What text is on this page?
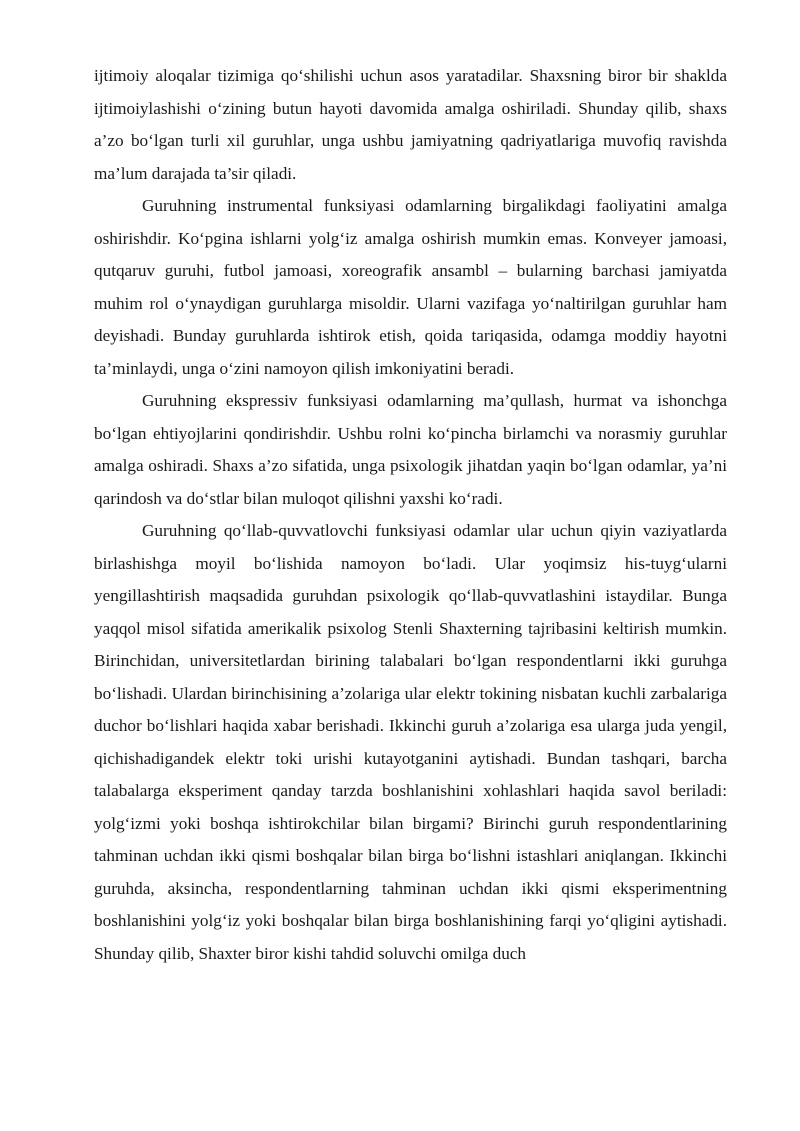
ijtimoiy aloqalar tizimiga qo‘shilishi uchun asos yaratadilar. Shaxsning biror bir shaklda ijtimoiylashishi o‘zining butun hayoti davomida amalga oshiriladi. Shunday qilib, shaxs a’zo bo‘lgan turli xil guruhlar, unga ushbu jamiyatning qadriyatlariga muvofiq ravishda ma’lum darajada ta’sir qiladi.

Guruhning instrumental funksiyasi odamlarning birgalikdagi faoliyatini amalga oshirishdir. Ko‘pgina ishlarni yolg‘iz amalga oshirish mumkin emas. Konveyer jamoasi, qutqaruv guruhi, futbol jamoasi, xoreografik ansambl – bularning barchasi jamiyatda muhim rol o‘ynaydigan guruhlarga misoldir. Ularni vazifaga yo‘naltirilgan guruhlar ham deyishadi. Bunday guruhlarda ishtirok etish, qoida tariqasida, odamga moddiy hayotni ta’minlaydi, unga o‘zini namoyon qilish imkoniyatini beradi.

Guruhning ekspressiv funksiyasi odamlarning ma’qullash, hurmat va ishonchga bo‘lgan ehtiyojlarini qondirishdir. Ushbu rolni ko‘pincha birlamchi va norasmiy guruhlar amalga oshiradi. Shaxs a’zo sifatida, unga psixologik jihatdan yaqin bo‘lgan odamlar, ya’ni qarindosh va do‘stlar bilan muloqot qilishni yaxshi ko‘radi.

Guruhning qo‘llab-quvvatlovchi funksiyasi odamlar ular uchun qiyin vaziyatlarda birlashishga moyil bo‘lishida namoyon bo‘ladi. Ular yoqimsiz his-tuyg‘ularni yengillashtirish maqsadida guruhdan psixologik qo‘llab-quvvatlashini istaydilar. Bunga yaqqol misol sifatida amerikalik psixolog Stenli Shaxterning tajribasini keltirish mumkin. Birinchidan, universitetlardan birining talabalari bo‘lgan respondentlarni ikki guruhga bo‘lishadi. Ulardan birinchisining a’zolariga ular elektr tokining nisbatan kuchli zarbalariga duchor bo‘lishlari haqida xabar berishadi. Ikkinchi guruh a’zolariga esa ularga juda yengil, qichishadigandek elektr toki urishi kutayotganini aytishadi. Bundan tashqari, barcha talabalarga eksperiment qanday tarzda boshlanishini xohlashlari haqida savol beriladi: yolg‘izmi yoki boshqa ishtirokchilar bilan birgami? Birinchi guruh respondentlarining tahminan uchdan ikki qismi boshqalar bilan birga bo‘lishni istashlari aniqlangan. Ikkinchi guruhda, aksincha, respondentlarning tahminan uchdan ikki qismi eksperimentning boshlanishini yolg‘iz yoki boshqalar bilan birga boshlanishining farqi yo‘qligini aytishadi. Shunday qilib, Shaxter biror kishi tahdid soluvchi omilga duch
